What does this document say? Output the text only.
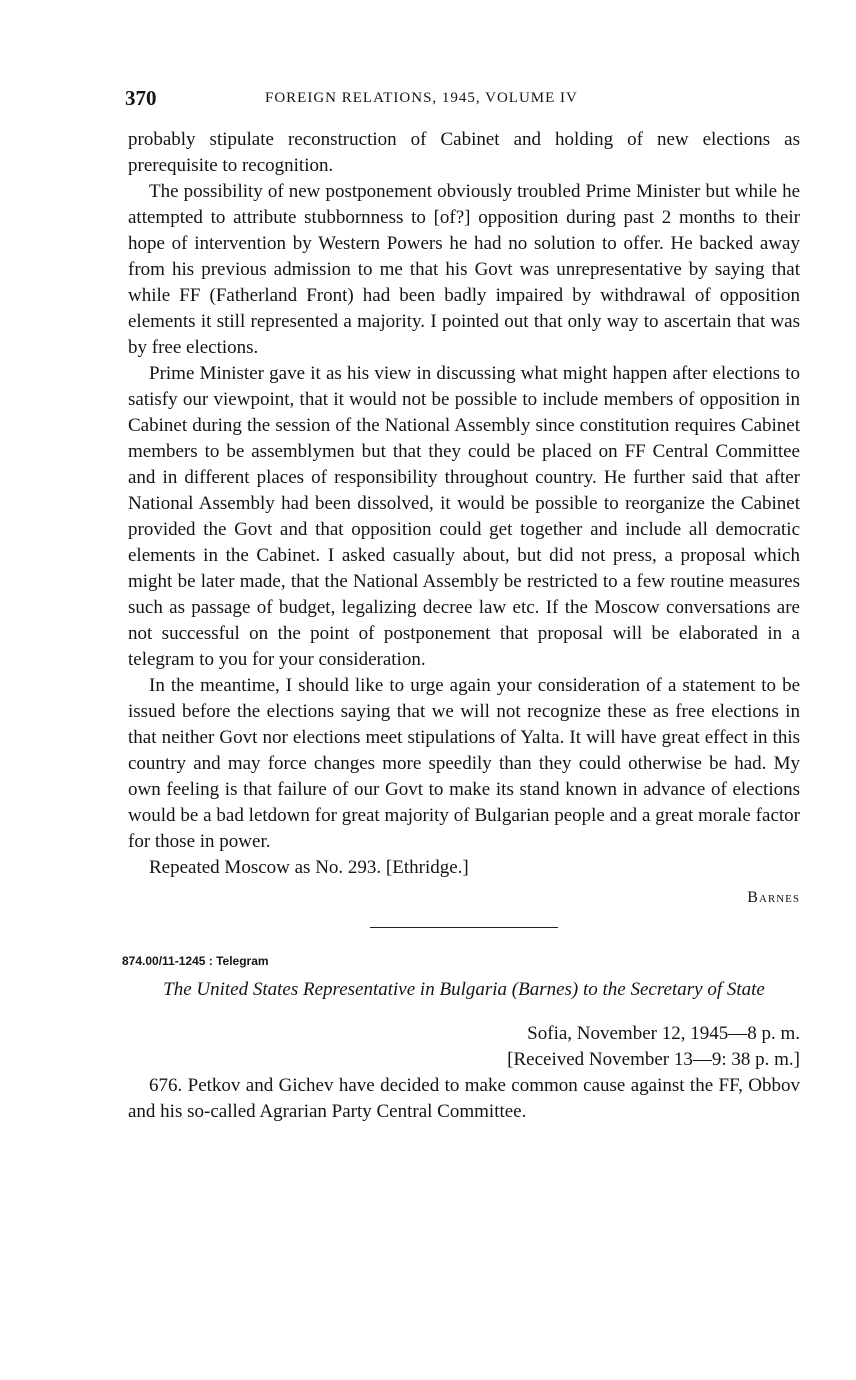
370	FOREIGN RELATIONS, 1945, VOLUME IV

probably stipulate reconstruction of Cabinet and holding of new elections as prerequisite to recognition.

The possibility of new postponement obviously troubled Prime Minister but while he attempted to attribute stubbornness to [of?] opposition during past 2 months to their hope of intervention by Western Powers he had no solution to offer. He backed away from his previous admission to me that his Govt was unrepresentative by saying that while FF (Fatherland Front) had been badly impaired by withdrawal of opposition elements it still represented a majority. I pointed out that only way to ascertain that was by free elections.

Prime Minister gave it as his view in discussing what might happen after elections to satisfy our viewpoint, that it would not be possible to include members of opposition in Cabinet during the session of the National Assembly since constitution requires Cabinet members to be assemblymen but that they could be placed on FF Central Committee and in different places of responsibility throughout country. He further said that after National Assembly had been dissolved, it would be possible to reorganize the Cabinet provided the Govt and that opposition could get together and include all democratic elements in the Cabinet. I asked casually about, but did not press, a proposal which might be later made, that the National Assembly be restricted to a few routine measures such as passage of budget, legalizing decree law etc. If the Moscow conversations are not successful on the point of postponement that proposal will be elaborated in a telegram to you for your consideration.

In the meantime, I should like to urge again your consideration of a statement to be issued before the elections saying that we will not recognize these as free elections in that neither Govt nor elections meet stipulations of Yalta. It will have great effect in this country and may force changes more speedily than they could otherwise be had. My own feeling is that failure of our Govt to make its stand known in advance of elections would be a bad letdown for great majority of Bulgarian people and a great morale factor for those in power.

Repeated Moscow as No. 293. [Ethridge.]

Barnes

874.00/11-1245 : Telegram

The United States Representative in Bulgaria (Barnes) to the Secretary of State

Sofia, November 12, 1945—8 p. m.

[Received November 13—9: 38 p. m.]

676. Petkov and Gichev have decided to make common cause against the FF, Obbov and his so-called Agrarian Party Central Committee.
